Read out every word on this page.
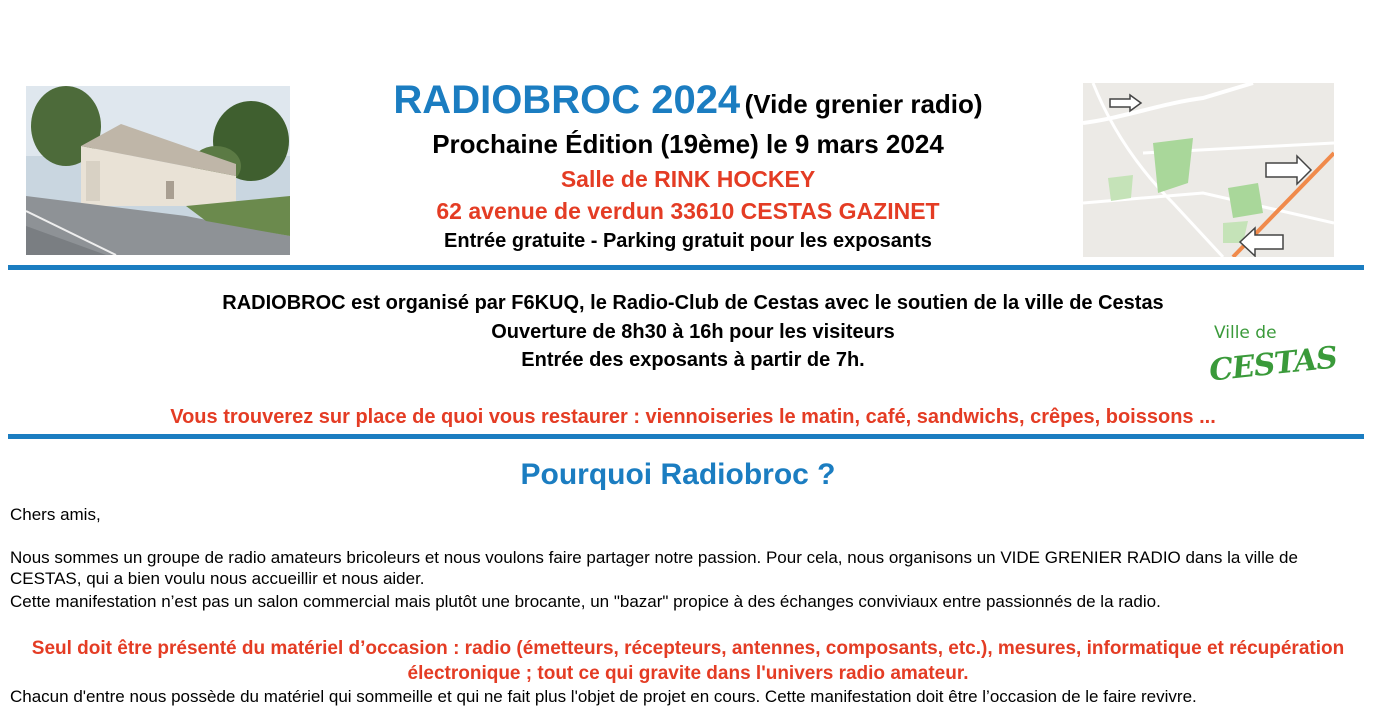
RADIOBROC 2024 (Vide grenier radio)
Prochaine Édition (19ème) le 9 mars 2024
Salle de RINK HOCKEY
62 avenue de verdun 33610 CESTAS GAZINET
Entrée gratuite - Parking gratuit pour les exposants
RADIOBROC est organisé par F6KUQ, le Radio-Club de Cestas avec le soutien de la ville de Cestas
Ouverture de 8h30 à 16h pour les visiteurs
Entrée des exposants à partir de 7h.
Ville de
CESTAS
Vous trouverez sur place de quoi vous restaurer : viennoiseries le matin, café, sandwichs, crêpes, boissons ...
Pourquoi Radiobroc ?
Chers amis,
Nous sommes un groupe de radio amateurs bricoleurs et nous voulons faire partager notre passion. Pour cela, nous organisons un VIDE GRENIER RADIO dans la ville de CESTAS, qui a bien voulu nous accueillir et nous aider.
Cette manifestation n’est pas un salon commercial mais plutôt une brocante, un "bazar" propice à des échanges conviviaux entre passionnés de la radio.
Seul doit être présenté du matériel d’occasion : radio (émetteurs, récepteurs, antennes, composants, etc.), mesures, informatique et récupération électronique ; tout ce qui gravite dans l'univers radio amateur.
Chacun d'entre nous possède du matériel qui sommeille et qui ne fait plus l'objet de projet en cours. Cette manifestation doit être l’occasion de le faire revivre.
